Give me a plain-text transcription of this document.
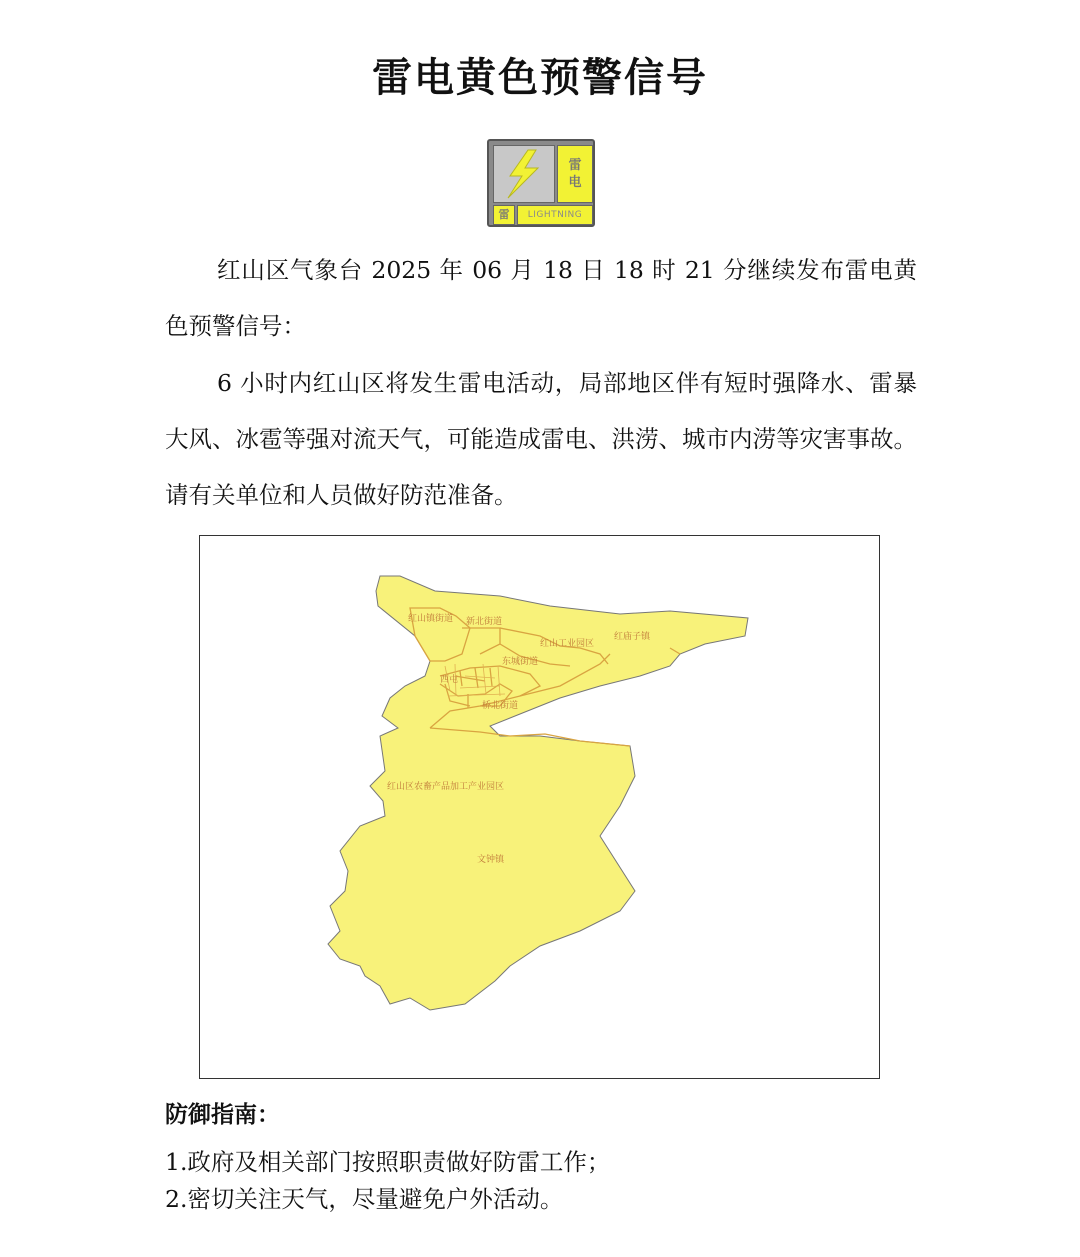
雷电黄色预警信号
雷
电
雷	LIGHTNING

红山区气象台 2025 年 06 月 18 日 18 时 21 分继续发布雷电黄色预警信号：

6 小时内红山区将发生雷电活动，局部地区伴有短时强降水、雷暴大风、冰雹等强对流天气，可能造成雷电、洪涝、城市内涝等灾害事故。请有关单位和人员做好防范准备。

红山镇街道 新北街道
红山工业园区
红庙子镇
东城街道
西屯
桥北街道
红山区农畜产品加工产业园区
文钟镇
防御指南：
1.政府及相关部门按照职责做好防雷工作；
2.密切关注天气，尽量避免户外活动。
